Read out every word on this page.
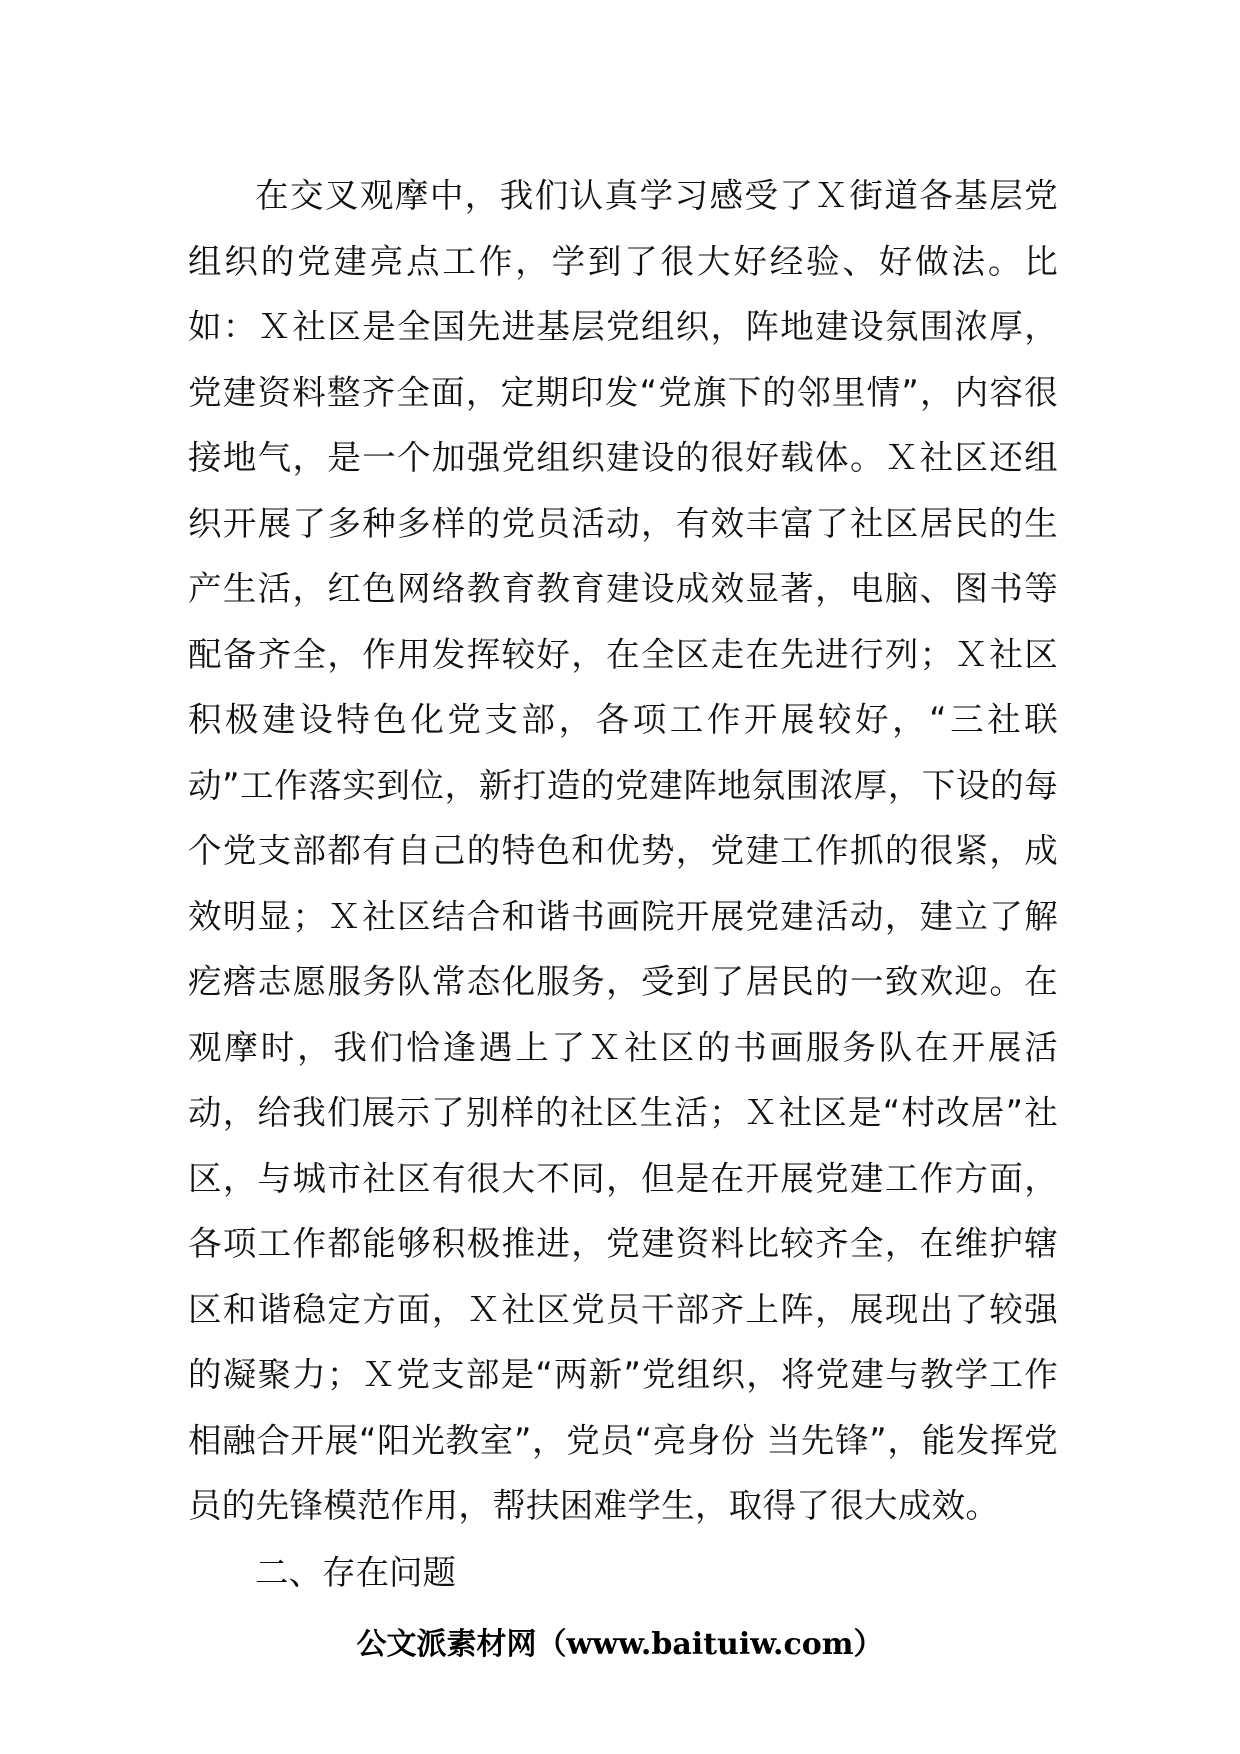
在交叉观摩中，我们认真学习感受了Ｘ街道各基层党组织的党建亮点工作，学到了很大好经验、好做法。比如：Ｘ社区是全国先进基层党组织，阵地建设氛围浓厚，党建资料整齐全面，定期印发“党旗下的邻里情”，内容很接地气，是一个加强党组织建设的很好载体。Ｘ社区还组织开展了多种多样的党员活动，有效丰富了社区居民的生产生活，红色网络教育教育建设成效显著，电脑、图书等配备齐全，作用发挥较好，在全区走在先进行列；Ｘ社区积极建设特色化党支部，各项工作开展较好，“三社联动”工作落实到位，新打造的党建阵地氛围浓厚，下设的每个党支部都有自己的特色和优势，党建工作抓的很紧，成效明显；Ｘ社区结合和谐书画院开展党建活动，建立了解疙瘩志愿服务队常态化服务，受到了居民的一致欢迎。在观摩时，我们恰逢遇上了Ｘ社区的书画服务队在开展活动，给我们展示了别样的社区生活；Ｘ社区是“村改居”社区，与城市社区有很大不同，但是在开展党建工作方面，各项工作都能够积极推进，党建资料比较齐全，在维护辖区和谐稳定方面，Ｘ社区党员干部齐上阵，展现出了较强的凝聚力；Ｘ党支部是“两新”党组织，将党建与教学工作相融合开展“阳光教室”，党员“亮身份 当先锋”，能发挥党员的先锋模范作用，帮扶困难学生，取得了很大成效。

二、存在问题

公文派素材网（www.baituiw.com）
